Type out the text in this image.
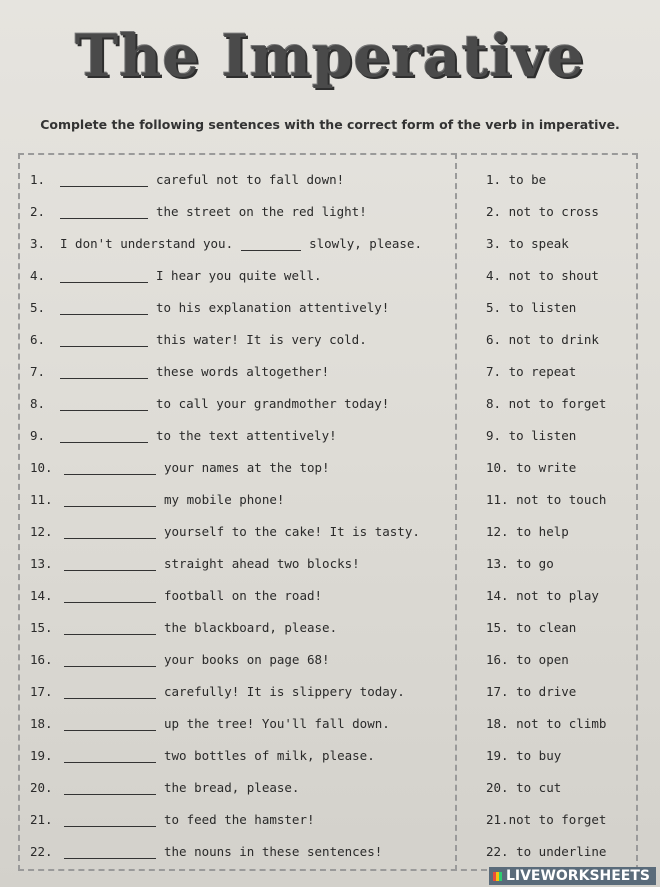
The Imperative
Complete the following sentences with the correct form of the verb in imperative.
1.	careful not to fall down!	1. to be
2.	the street on the red light!	2. not to cross
3.	I don't understand you.	slowly, please.	3. to speak
4.	I hear you quite well.	4. not to shout
5.	to his explanation attentively!	5. to listen
6.	this water! It is very cold.	6. not to drink
7.	these words altogether!	7. to repeat
8.	to call your grandmother today!	8. not to forget
9.	to the text attentively!	9. to listen
10.	your names at the top!	10. to write
11.	my mobile phone!	11. not to touch
12.	yourself to the cake! It is tasty.	12. to help
13.	straight ahead two blocks!	13. to go
14.	football on the road!	14. not to play
15.	the blackboard, please.	15. to clean
16.	your books on page 68!	16. to open
17.	carefully! It is slippery today.	17. to drive
18.	up the tree! You'll fall down.	18. not to climb
19.	two bottles of milk, please.	19. to buy
20.	the bread, please.	20. to cut
21.	to feed the hamster!	21.not to forget
22.	the nouns in these sentences!	22. to underline
LIVEWORKSHEETS
